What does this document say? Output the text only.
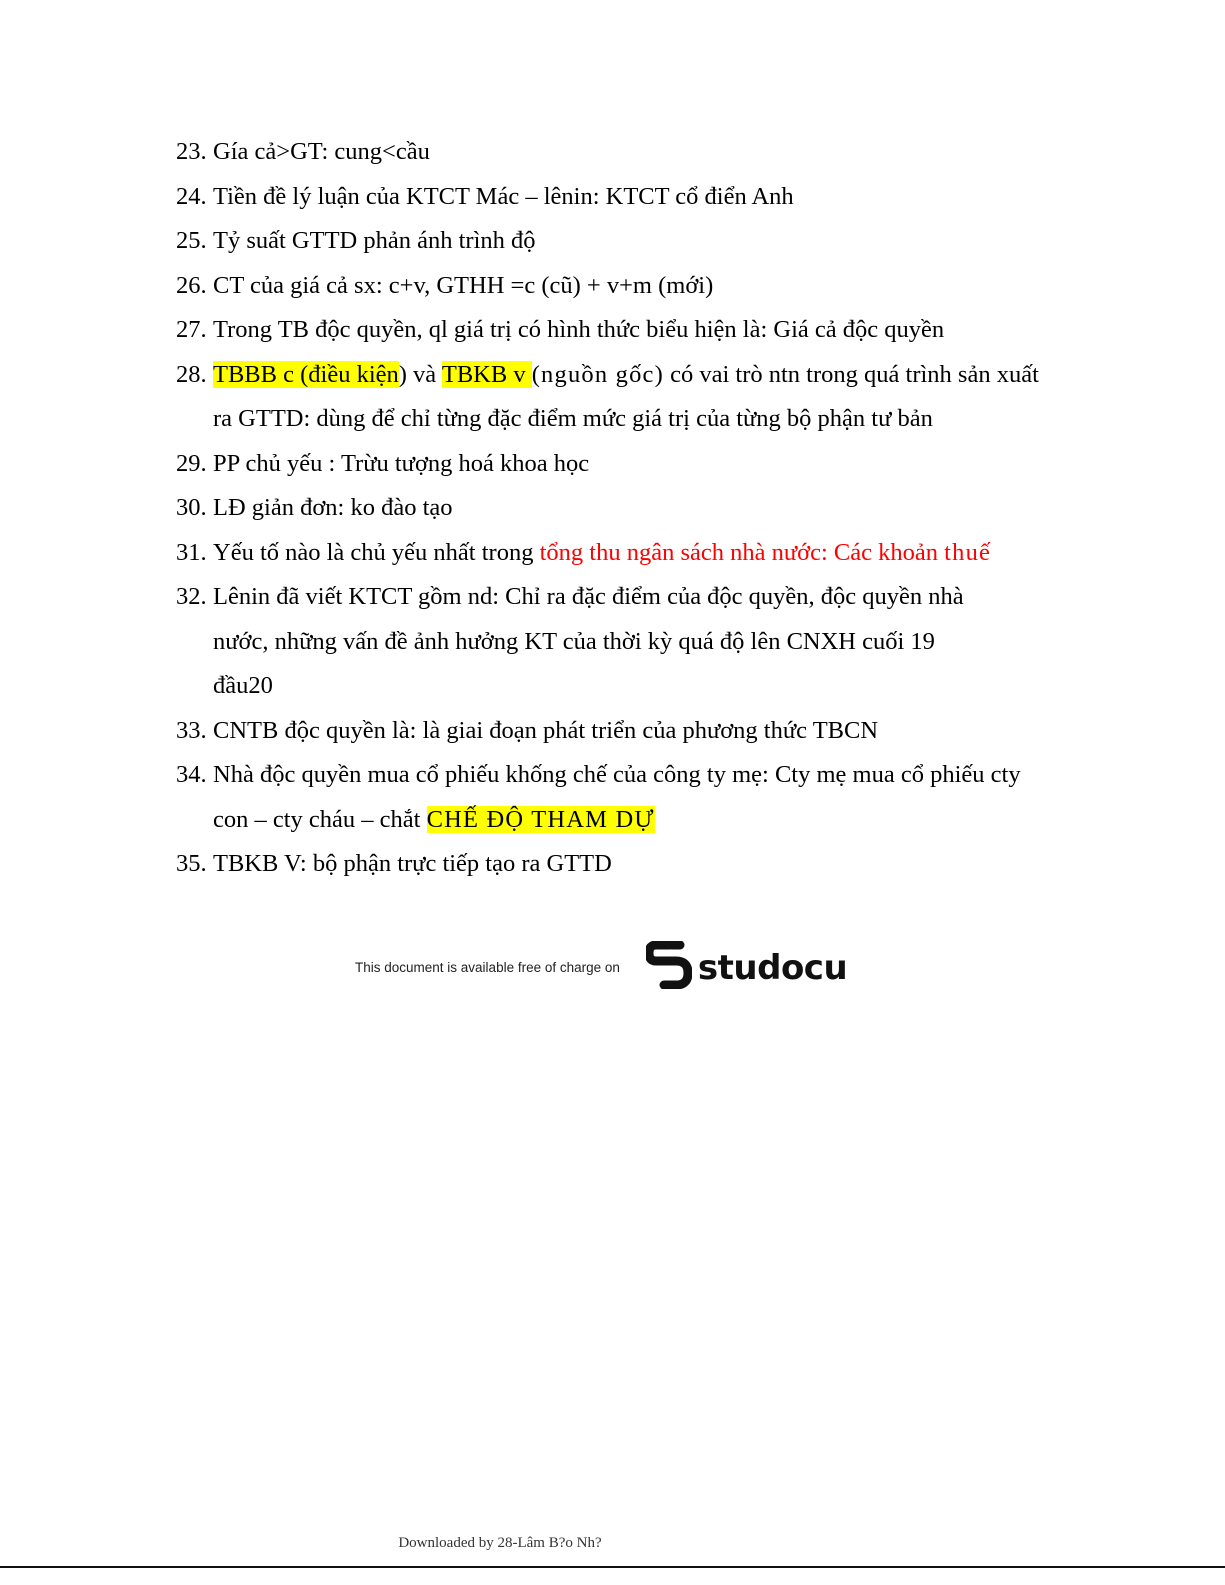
23. Gía cả>GT: cung<cầu
24. Tiền đề lý luận của KTCT Mác – lênin: KTCT cổ điển Anh
25. Tỷ suất GTTD phản ánh trình độ
26. CT của giá cả sx: c+v, GTHH =c (cũ) + v+m (mới)
27. Trong TB độc quyền, ql giá trị có hình thức biểu hiện là: Giá cả độc quyền
28. TBBB c (điều kiện) và TBKB v (nguồn gốc) có vai trò ntn trong quá trình sản xuất ra GTTD: dùng để chỉ từng đặc điểm mức giá trị của từng bộ phận tư bản
29. PP chủ yếu : Trừu tượng hoá khoa học
30. LĐ giản đơn: ko đào tạo
31. Yếu tố nào là chủ yếu nhất trong tổng thu ngân sách nhà nước: Các khoản thuế
32. Lênin đã viết KTCT gồm nd: Chỉ ra đặc điểm của độc quyền, độc quyền nhà nước, những vấn đề ảnh hưởng KT của thời kỳ quá độ lên CNXH cuối 19 đầu20
33. CNTB độc quyền là: là giai đoạn phát triển của phương thức TBCN
34. Nhà độc quyền mua cổ phiếu khống chế của công ty mẹ: Cty mẹ mua cổ phiếu cty con – cty cháu – chắt CHẾ ĐỘ THAM DỰ
35. TBKB V: bộ phận trực tiếp tạo ra GTTD
This document is available free of charge on studocu
Downloaded by 28-Lâm B?o Nh?
